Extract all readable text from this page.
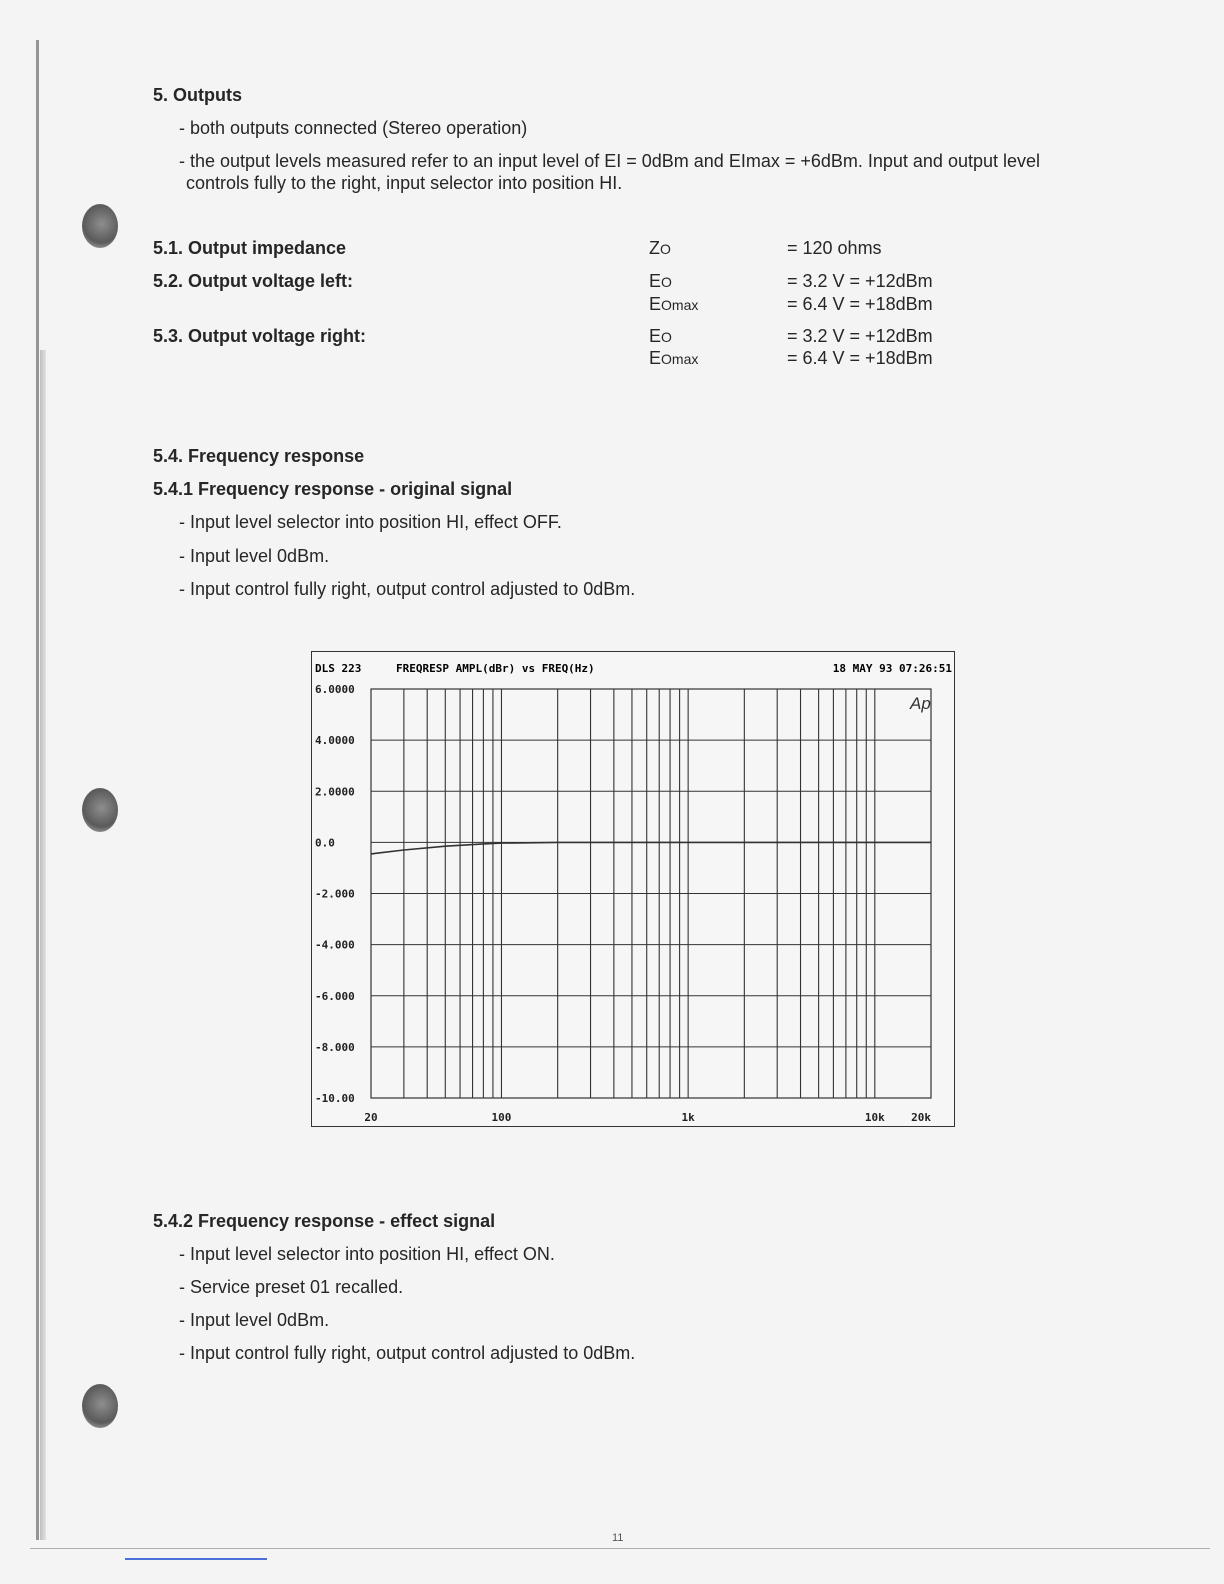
5. Outputs
- both outputs connected (Stereo operation)
- the output levels measured refer to an input level of EI = 0dBm and EImax = +6dBm. Input and output level
controls fully to the right, input selector into position HI.
5.1. Output impedance	ZO	= 120 ohms
5.2. Output voltage left:	EO	= 3.2 V = +12dBm
EOmax	= 6.4 V = +18dBm
5.3. Output voltage right:	EO	= 3.2 V = +12dBm
EOmax	= 6.4 V = +18dBm
5.4. Frequency response
5.4.1 Frequency response - original signal
- Input level selector into position HI, effect OFF.
- Input level 0dBm.
- Input control fully right, output control adjusted to 0dBm.
DLS 223	FREQRESP AMPL(dBr) vs FREQ(Hz)	18 MAY 93 07:26:51
6.0000
4.0000
2.0000
0.0
-2.000
-4.000
-6.000
-8.000
-10.00
20	100	1k	10k 20k
Ap
5.4.2 Frequency response - effect signal
- Input level selector into position HI, effect ON.
- Service preset 01 recalled.
- Input level 0dBm.
- Input control fully right, output control adjusted to 0dBm.
11
